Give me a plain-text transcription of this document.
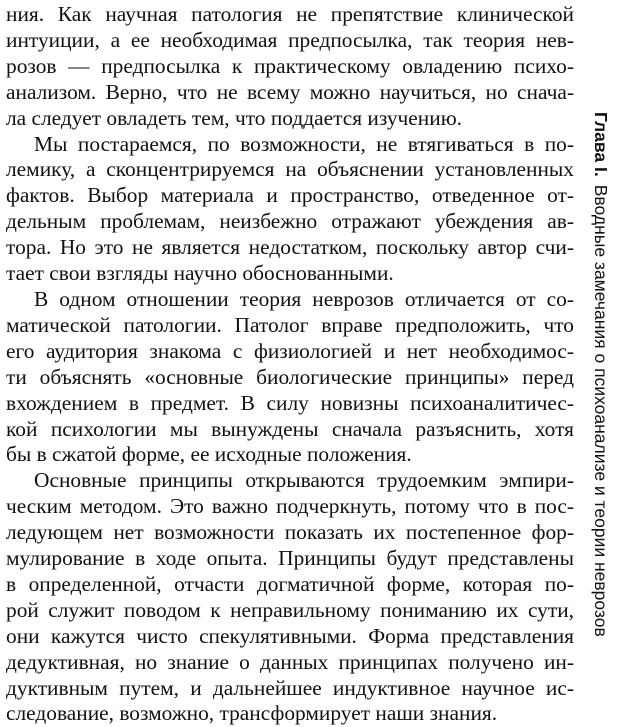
ния. Как научная патология не препятствие клинической
интуиции, а ее необходимая предпосылка, так теория нев-
розов — предпосылка к практическому овладению психо-
анализом. Верно, что не всему можно научиться, но снача-
ла следует овладеть тем, что поддается изучению.
Мы постараемся, по возможности, не втягиваться в по-
лемику, а сконцентрируемся на объяснении установленных
фактов. Выбор материала и пространство, отведенное от-
дельным проблемам, неизбежно отражают убеждения ав-
тора. Но это не является недостатком, поскольку автор счи-
тает свои взгляды научно обоснованными.
В одном отношении теория неврозов отличается от со-
матической патологии. Патолог вправе предположить, что
его аудитория знакома с физиологией и нет необходимос-
ти объяснять «основные биологические принципы» перед
вхождением в предмет. В силу новизны психоаналитичес-
кой психологии мы вынуждены сначала разъяснить, хотя
бы в сжатой форме, ее исходные положения.
Основные принципы открываются трудоемким эмпири-
ческим методом. Это важно подчеркнуть, потому что в пос-
ледующем нет возможности показать их постепенное фор-
мулирование в ходе опыта. Принципы будут представлены
в определенной, отчасти догматичной форме, которая по-
рой служит поводом к неправильному пониманию их сути,
они кажутся чисто спекулятивными. Форма представления
дедуктивная, но знание о данных принципах получено ин-
дуктивным путем, и дальнейшее индуктивное научное ис-
следование, возможно, трансформирует наши знания.
Глава I.Вводные замечания о психоанализе и теории неврозов
